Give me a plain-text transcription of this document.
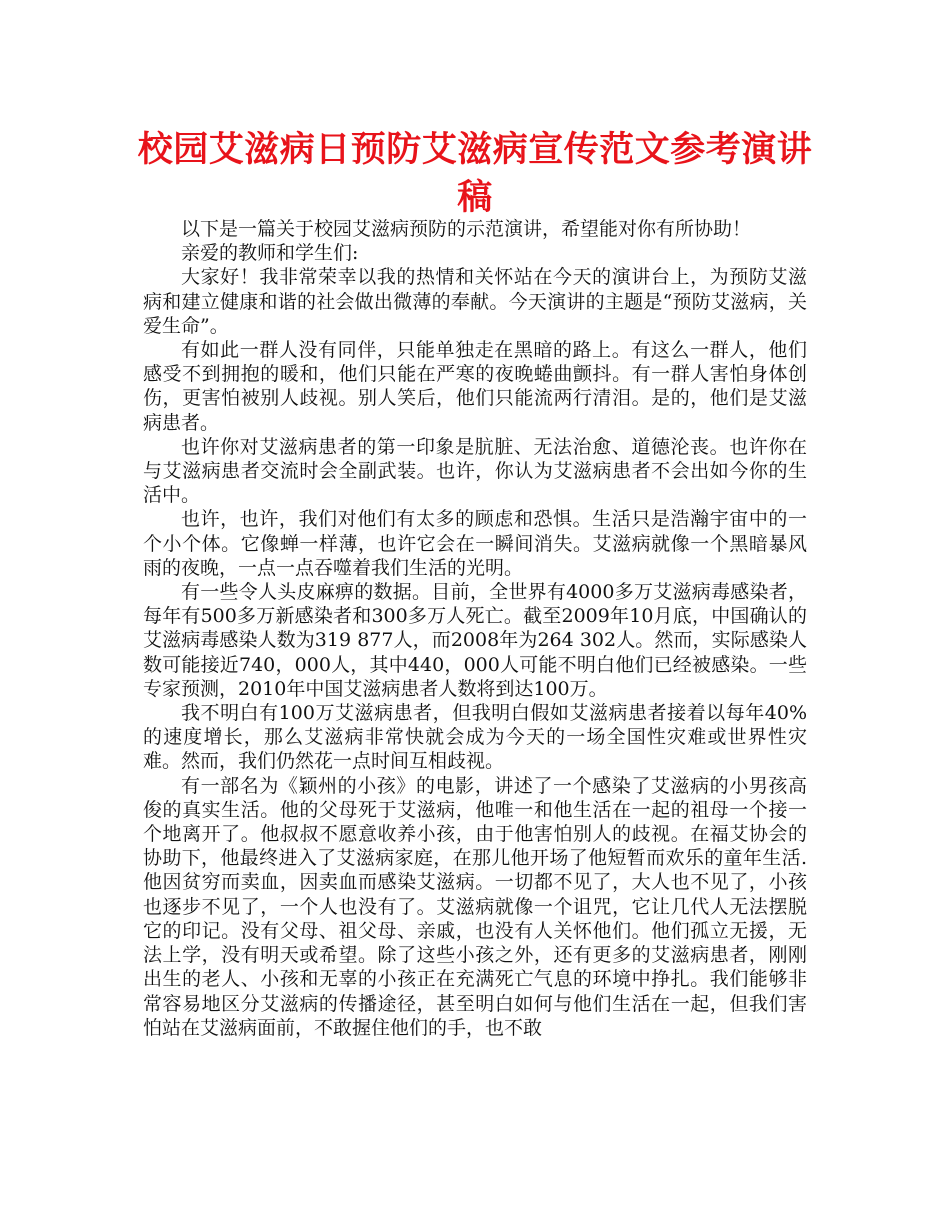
校园艾滋病日预防艾滋病宣传范文参考演讲稿

以下是一篇关于校园艾滋病预防的示范演讲，希望能对你有所协助！

亲爱的教师和学生们:

大家好！我非常荣幸以我的热情和关怀站在今天的演讲台上，为预防艾滋病和建立健康和谐的社会做出微薄的奉献。今天演讲的主题是“预防艾滋病，关爱生命”。

有如此一群人没有同伴，只能单独走在黑暗的路上。有这么一群人，他们感受不到拥抱的暖和，他们只能在严寒的夜晚蜷曲颤抖。有一群人害怕身体创伤，更害怕被别人歧视。别人笑后，他们只能流两行清泪。是的，他们是艾滋病患者。

也许你对艾滋病患者的第一印象是肮脏、无法治愈、道德沦丧。也许你在与艾滋病患者交流时会全副武装。也许，你认为艾滋病患者不会出如今你的生活中。

也许，也许，我们对他们有太多的顾虑和恐惧。生活只是浩瀚宇宙中的一个小个体。它像蝉一样薄，也许它会在一瞬间消失。艾滋病就像一个黑暗暴风雨的夜晚，一点一点吞噬着我们生活的光明。

有一些令人头皮麻痹的数据。目前，全世界有4000多万艾滋病毒感染者，每年有500多万新感染者和300多万人死亡。截至2009年10月底，中国确认的艾滋病毒感染人数为319 877人，而2008年为264 302人。然而，实际感染人数可能接近740，000人，其中440，000人可能不明白他们已经被感染。一些专家预测，2010年中国艾滋病患者人数将到达100万。

我不明白有100万艾滋病患者，但我明白假如艾滋病患者接着以每年40%的速度增长，那么艾滋病非常快就会成为今天的一场全国性灾难或世界性灾难。然而，我们仍然花一点时间互相歧视。

有一部名为《颖州的小孩》的电影，讲述了一个感染了艾滋病的小男孩高俊的真实生活。他的父母死于艾滋病，他唯一和他生活在一起的祖母一个接一个地离开了。他叔叔不愿意收养小孩，由于他害怕别人的歧视。在福艾协会的协助下，他最终进入了艾滋病家庭，在那儿他开场了他短暂而欢乐的童年生活.他因贫穷而卖血，因卖血而感染艾滋病。一切都不见了，大人也不见了，小孩也逐步不见了，一个人也没有了。艾滋病就像一个诅咒，它让几代人无法摆脱它的印记。没有父母、祖父母、亲戚，也没有人关怀他们。他们孤立无援，无法上学，没有明天或希望。除了这些小孩之外，还有更多的艾滋病患者，刚刚出生的老人、小孩和无辜的小孩正在充满死亡气息的环境中挣扎。我们能够非常容易地区分艾滋病的传播途径，甚至明白如何与他们生活在一起，但我们害怕站在艾滋病面前，不敢握住他们的手，也不敢
